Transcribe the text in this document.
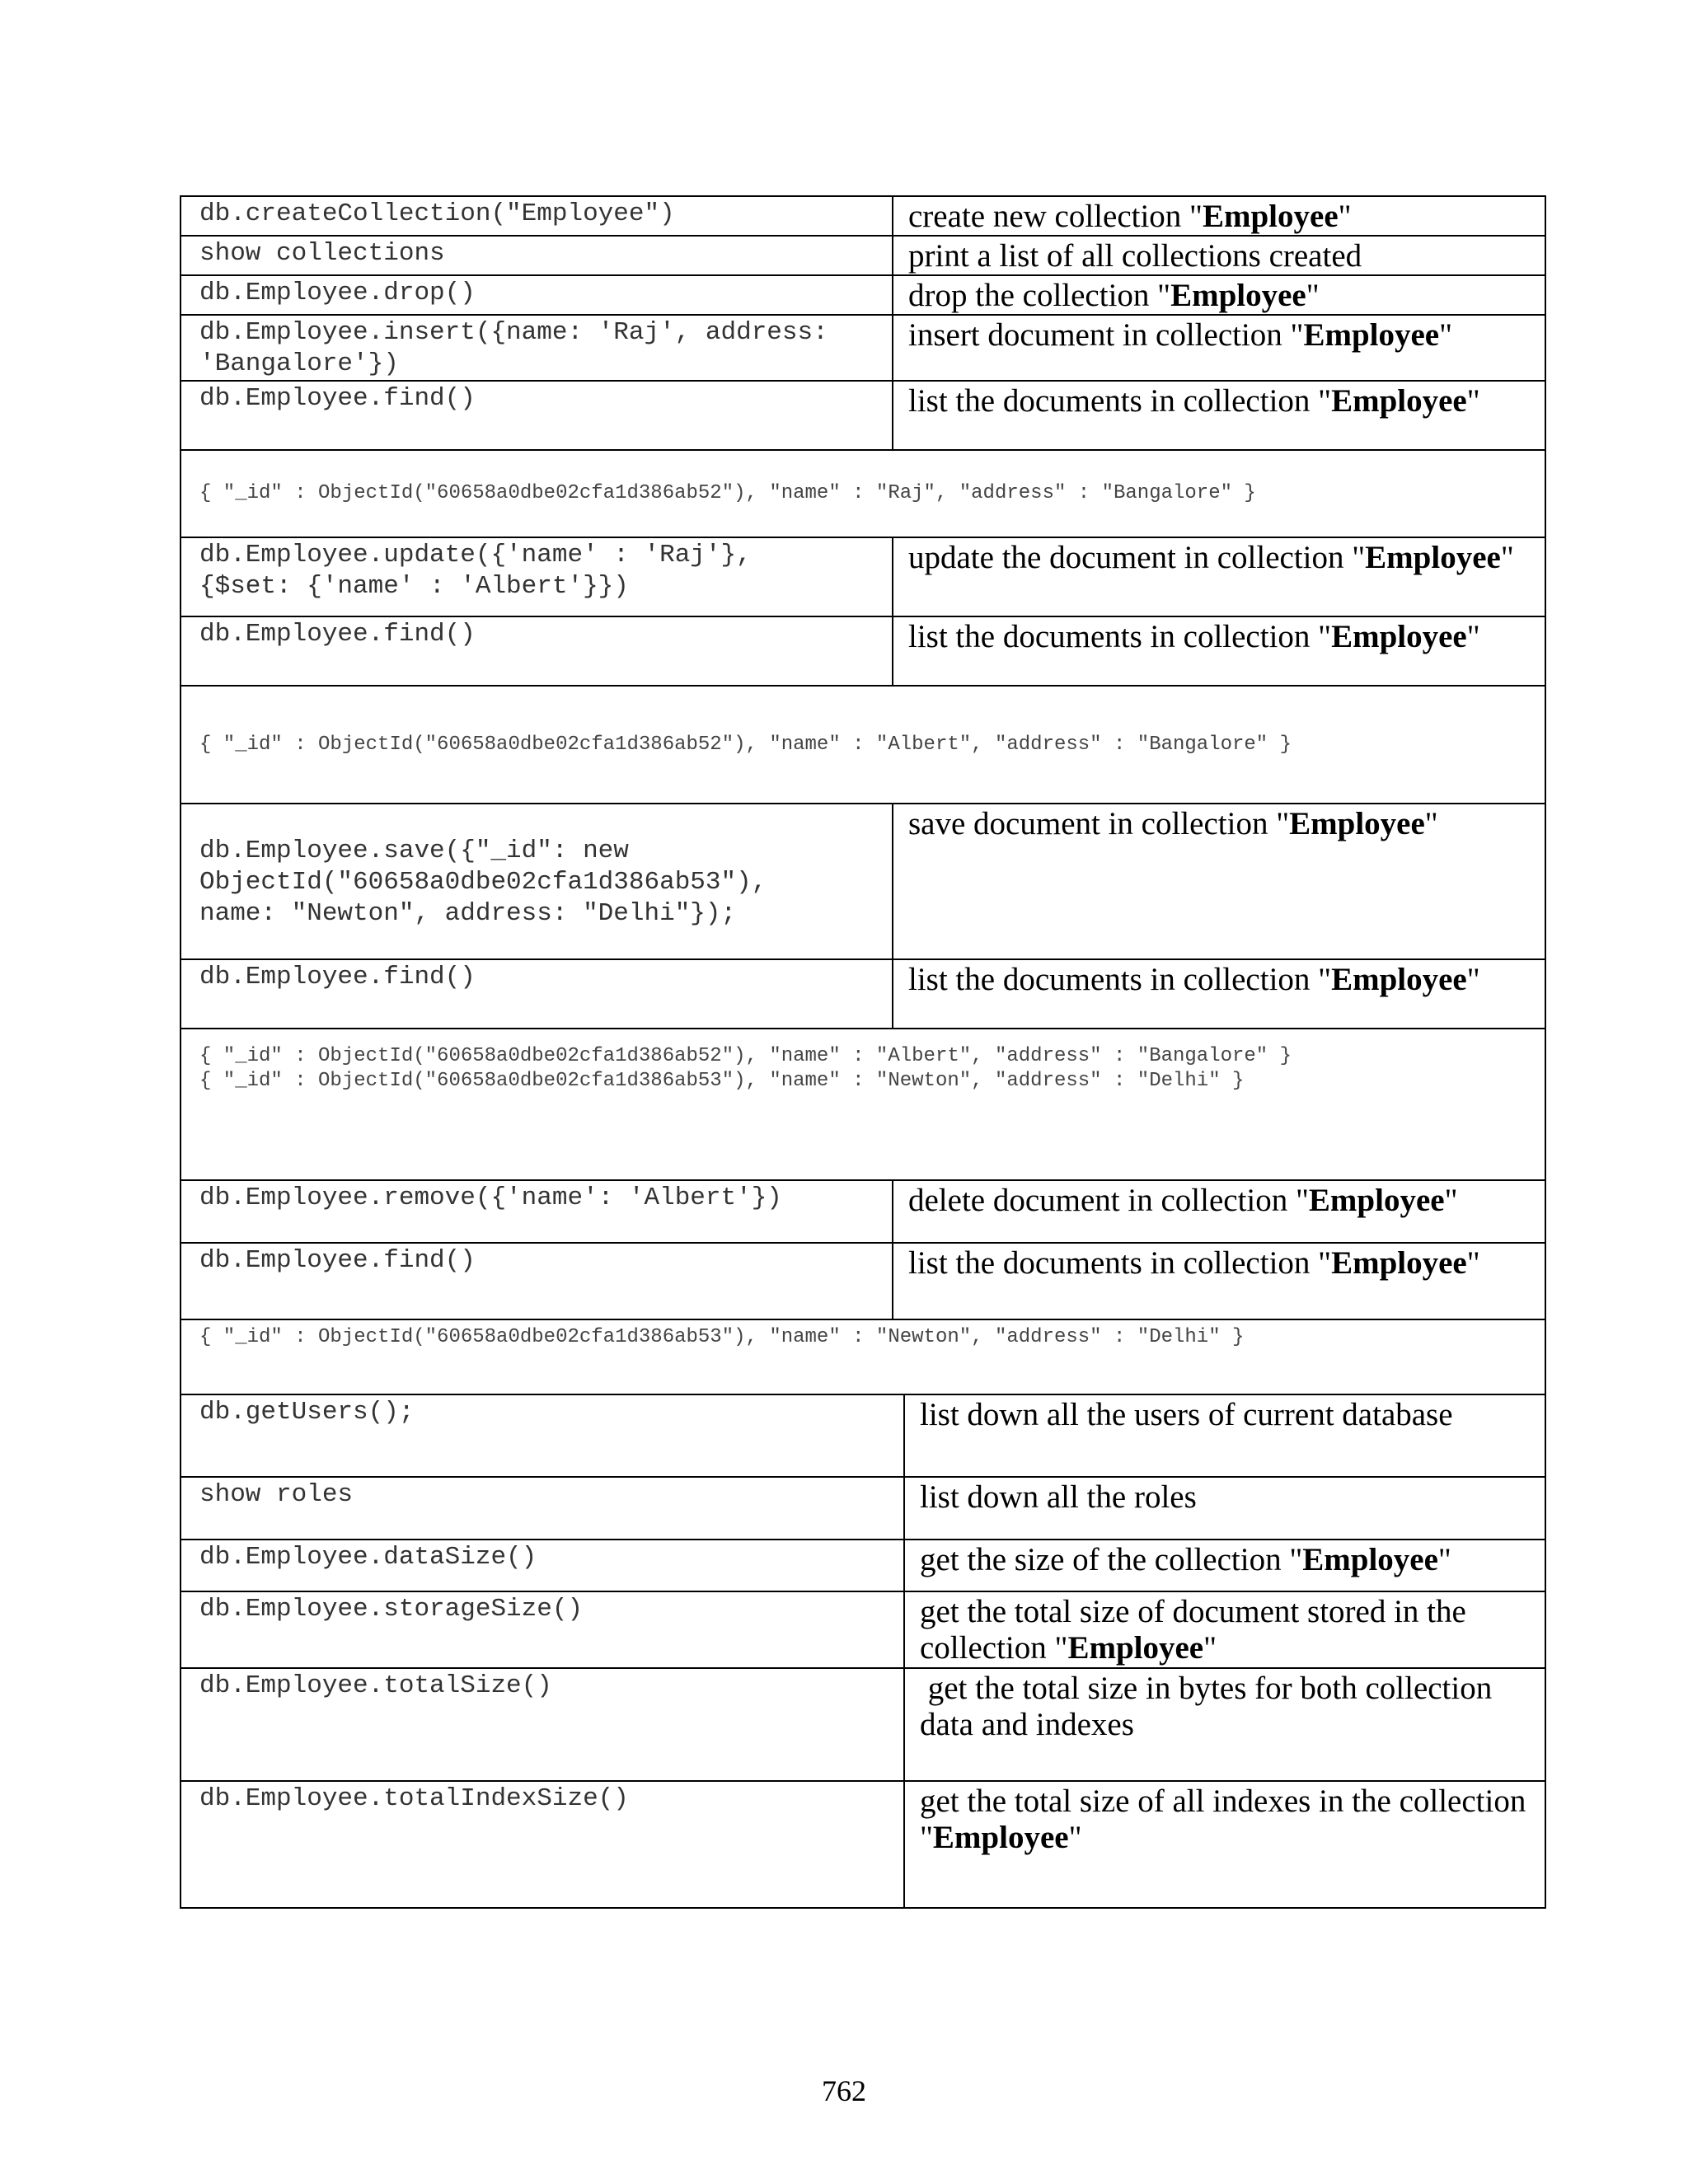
db.createCollection("Employee")	create new collection "Employee"	
show collections	print a list of all collections created	
db.Employee.drop()	drop the collection "Employee"	
db.Employee.insert({name: 'Raj', address: 'Bangalore'})	insert document in collection "Employee"	
db.Employee.find()	list the documents in collection "Employee"	
{ "_id" : ObjectId("60658a0dbe02cfa1d386ab52"), "name" : "Raj", "address" : "Bangalore" }		
db.Employee.update({'name' : 'Raj'},
{$set: {'name' : 'Albert'}})	update the document in collection "Employee"	
db.Employee.find()	list the documents in collection "Employee"	
{ "_id" : ObjectId("60658a0dbe02cfa1d386ab52"), "name" : "Albert", "address" : "Bangalore" }		
db.Employee.save({"_id": new
ObjectId("60658a0dbe02cfa1d386ab53"),
name: "Newton", address: "Delhi"});	save document in collection "Employee"	
db.Employee.find()	list the documents in collection "Employee"	
{ "_id" : ObjectId("60658a0dbe02cfa1d386ab52"), "name" : "Albert", "address" : "Bangalore" }
{ "_id" : ObjectId("60658a0dbe02cfa1d386ab53"), "name" : "Newton", "address" : "Delhi" }		
db.Employee.remove({'name': 'Albert'})	delete document in collection "Employee"	
db.Employee.find()	list the documents in collection "Employee"	
{ "_id" : ObjectId("60658a0dbe02cfa1d386ab53"), "name" : "Newton", "address" : "Delhi" }		
db.getUsers();		list down all the users of current database
show roles		list down all the roles
db.Employee.dataSize()		get the size of the collection "Employee"
db.Employee.storageSize()		get the total size of document stored in the collection "Employee"
db.Employee.totalSize()		get the total size in bytes for both collection data and indexes
db.Employee.totalIndexSize()		get the total size of all indexes in the collection "Employee"
762
